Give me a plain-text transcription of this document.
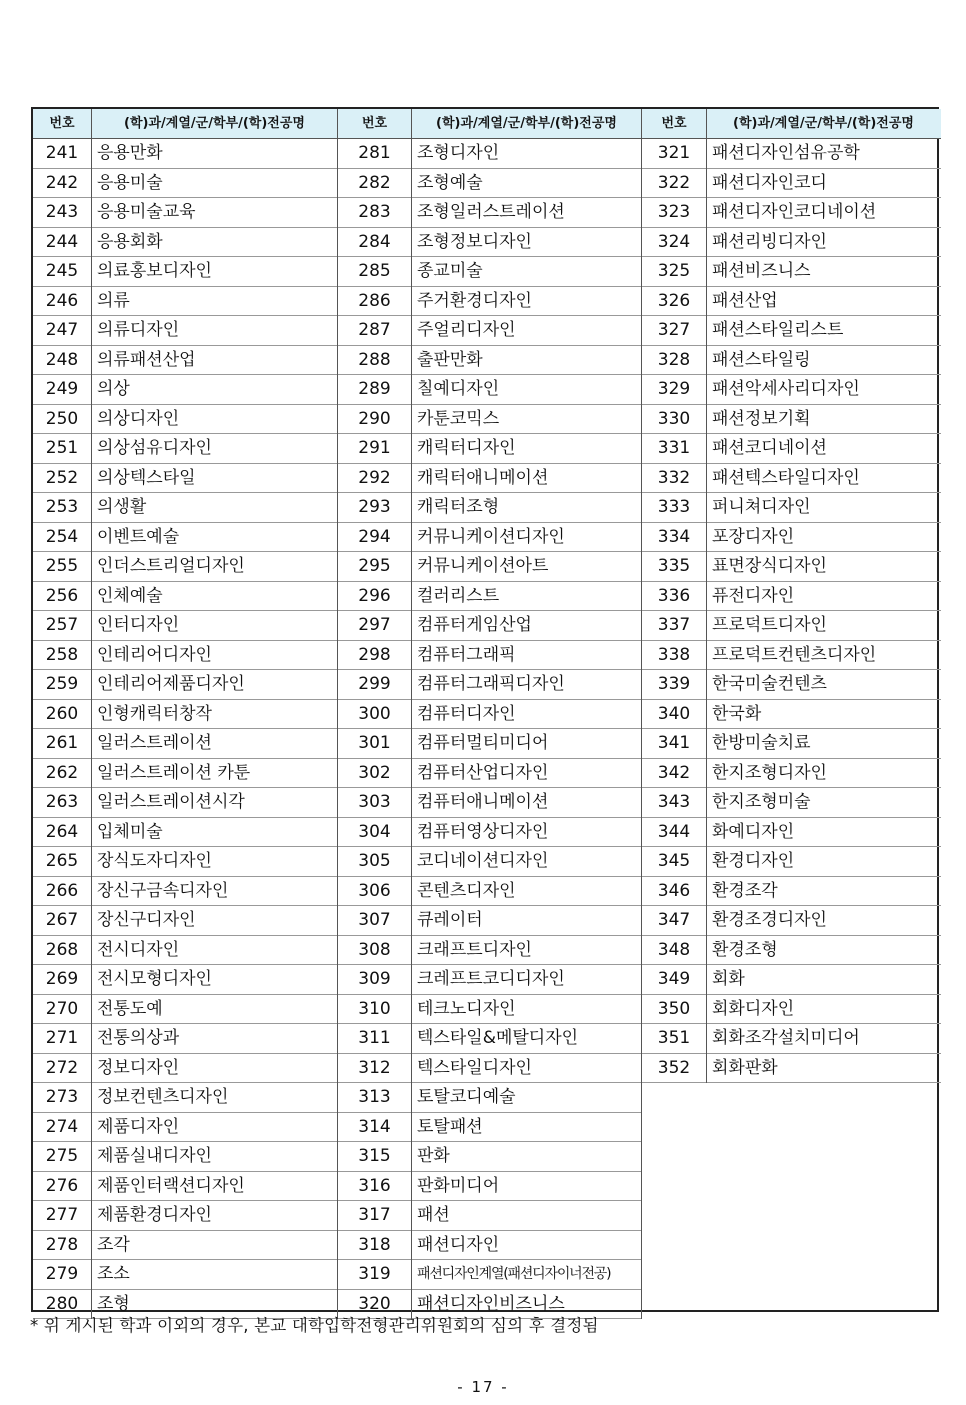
번호	(학)과/계열/군/학부/(학)전공명
241	응용만화
242	응용미술
243	응용미술교육
244	응용회화
245	의료홍보디자인
246	의류
247	의류디자인
248	의류패션산업
249	의상
250	의상디자인
251	의상섬유디자인
252	의상텍스타일
253	의생활
254	이벤트예술
255	인더스트리얼디자인
256	인체예술
257	인터디자인
258	인테리어디자인
259	인테리어제품디자인
260	인형캐릭터창작
261	일러스트레이션
262	일러스트레이션 카툰
263	일러스트레이션시각
264	입체미술
265	장식도자디자인
266	장신구금속디자인
267	장신구디자인
268	전시디자인
269	전시모형디자인
270	전통도예
271	전통의상과
272	정보디자인
273	정보컨텐츠디자인
274	제품디자인
275	제품실내디자인
276	제품인터랙션디자인
277	제품환경디자인
278	조각
279	조소
280	조형
번호	(학)과/계열/군/학부/(학)전공명
281	조형디자인
282	조형예술
283	조형일러스트레이션
284	조형정보디자인
285	종교미술
286	주거환경디자인
287	주얼리디자인
288	출판만화
289	칠예디자인
290	카툰코믹스
291	캐릭터디자인
292	캐릭터애니메이션
293	캐릭터조형
294	커뮤니케이션디자인
295	커뮤니케이션아트
296	컬러리스트
297	컴퓨터게임산업
298	컴퓨터그래픽
299	컴퓨터그래픽디자인
300	컴퓨터디자인
301	컴퓨터멀티미디어
302	컴퓨터산업디자인
303	컴퓨터애니메이션
304	컴퓨터영상디자인
305	코디네이션디자인
306	콘텐츠디자인
307	큐레이터
308	크래프트디자인
309	크레프트코디디자인
310	테크노디자인
311	텍스타일&메탈디자인
312	텍스타일디자인
313	토탈코디예술
314	토탈패션
315	판화
316	판화미디어
317	패션
318	패션디자인
319	패션디자인계열(패션디자이너전공)
320	패션디자인비즈니스
번호	(학)과/계열/군/학부/(학)전공명
321	패션디자인섬유공학
322	패션디자인코디
323	패션디자인코디네이션
324	패션리빙디자인
325	패션비즈니스
326	패션산업
327	패션스타일리스트
328	패션스타일링
329	패션악세사리디자인
330	패션정보기획
331	패션코디네이션
332	패션텍스타일디자인
333	퍼니쳐디자인
334	포장디자인
335	표면장식디자인
336	퓨전디자인
337	프로덕트디자인
338	프로덕트컨텐츠디자인
339	한국미술컨텐츠
340	한국화
341	한방미술치료
342	한지조형디자인
343	한지조형미술
344	화예디자인
345	환경디자인
346	환경조각
347	환경조경디자인
348	환경조형
349	회화
350	회화디자인
351	회화조각설치미디어
352	회화판화
* 위 게시된 학과 이외의 경우, 본교 대학입학전형관리위원회의 심의 후 결정됨
- 17 -
